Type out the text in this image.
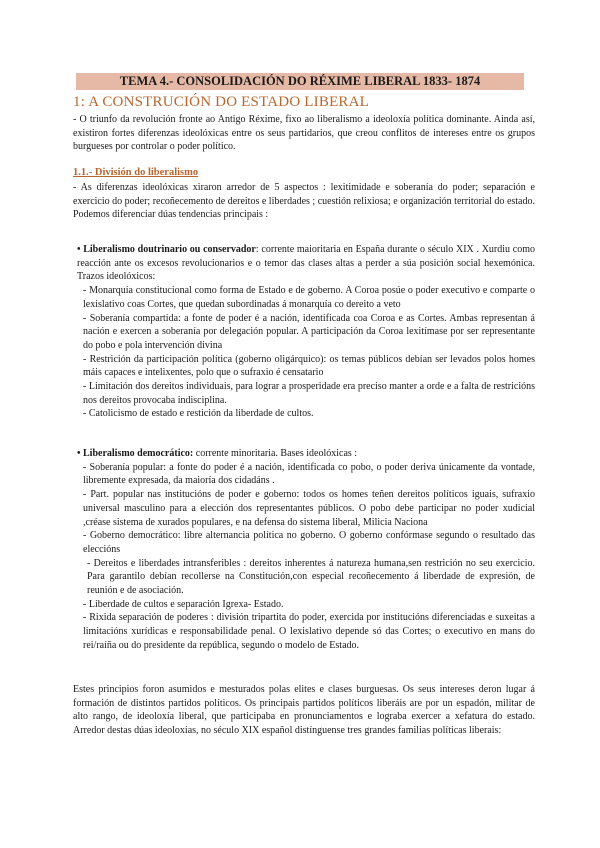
TEMA 4.- CONSOLIDACIÓN DO RÉXIME LIBERAL 1833- 1874
1: A CONSTRUCIÓN DO ESTADO LIBERAL

- O triunfo da revolución fronte ao Antigo Réxime, fixo ao liberalismo a ideoloxía política dominante. Ainda así, existiron fortes diferenzas ideolóxicas entre os seus partidarios, que creou conflitos de intereses entre os grupos burgueses por controlar o poder político.

1.1.- División do liberalismo

- As diferenzas ideolóxicas xiraron arredor de 5 aspectos : lexitimidade e soberanía do poder; separación e exercicio do poder; recoñecemento de dereitos e liberdades ; cuestión relixiosa; e organización territorial do estado. Podemos diferenciar dúas tendencias principais :

• Liberalismo doutrinario ou conservador: corrente maioritaria en España durante o século XIX . Xurdiu como reacción ante os excesos revolucionarios e o temor das clases altas a perder a súa posición social hexemónica. Trazos ideolóxicos:

- Monarquía constitucional como forma de Estado e de goberno. A Coroa posúe o poder executivo e comparte o lexislativo coas Cortes, que quedan subordinadas á monarquía co dereito a veto

- Soberanía compartida: a fonte de poder é a nación, identificada coa Coroa e as Cortes. Ambas representan á nación e exercen a soberanía por delegación popular. A participación da Coroa lexitímase por ser representante do pobo e pola intervención divina

- Restrición da participación política (goberno oligárquico): os temas públicos debían ser levados polos homes máis capaces e intelixentes, polo que o sufraxio é censatario

- Limitación dos dereitos individuais, para lograr a prosperidade era preciso manter a orde e a falta de restricións nos dereitos provocaba indisciplina.

- Catolicismo de estado e restición da liberdade de cultos.

• Liberalismo democrático: corrente minoritaria. Bases ideolóxicas :

- Soberanía popular: a fonte do poder é a nación, identificada co pobo, o poder deriva únicamente da vontade, libremente expresada, da maioría dos cidadáns .

- Part. popular nas institucións de poder e goberno: todos os homes teñen dereitos políticos iguais, sufraxio universal masculino para a elección dos representantes públicos. O pobo debe participar no poder xudicial ,créase sistema de xurados populares, e na defensa do sistema liberal, Milicia Naciona

- Goberno democrático: libre alternancia política no goberno. O goberno confórmase segundo o resultado das eleccións

- Dereitos e liberdades intransferibles : dereitos inherentes á natureza humana,sen restrición no seu exercicio. Para garantilo debían recollerse na Constitución,con especial recoñecemento á liberdade de expresión, de reunión e de asociación.

- Liberdade de cultos e separación Igrexa- Estado.

- Rixida separación de poderes : división tripartita do poder, exercida por institucións diferenciadas e suxeitas a limitacións xurídicas e responsabilidade penal. O lexislativo depende só das Cortes; o executivo en mans do rei/raíña ou do presidente da república, segundo o modelo de Estado.

Estes principios foron asumidos e mesturados polas elites e clases burguesas. Os seus intereses deron lugar á formación de distintos partidos políticos. Os principais partidos políticos liberáis are por un espadón, militar de alto rango, de ideoloxía liberal, que participaba en pronunciamentos e lograba exercer a xefatura do estado. Arredor destas dúas ideoloxías, no século XIX español distínguense tres grandes familias políticas liberais:
